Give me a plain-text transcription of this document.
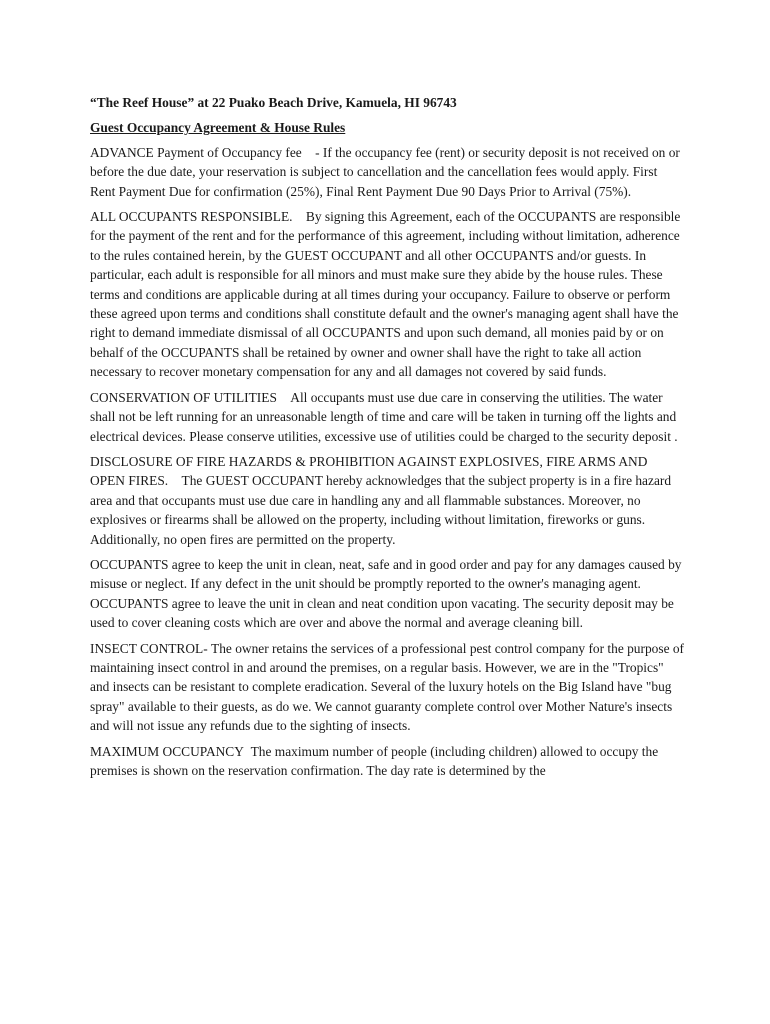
“The Reef House” at 22 Puako Beach Drive, Kamuela, HI 96743

Guest Occupancy Agreement & House Rules

ADVANCE Payment of Occupancy fee - If the occupancy fee (rent) or security deposit is not received on or before the due date, your reservation is subject to cancellation and the cancellation fees would apply. First Rent Payment Due for confirmation (25%), Final Rent Payment Due 90 Days Prior to Arrival (75%).

ALL OCCUPANTS RESPONSIBLE. By signing this Agreement, each of the OCCUPANTS are responsible for the payment of the rent and for the performance of this agreement, including without limitation, adherence to the rules contained herein, by the GUEST OCCUPANT and all other OCCUPANTS and/or guests. In particular, each adult is responsible for all minors and must make sure they abide by the house rules. These terms and conditions are applicable during at all times during your occupancy. Failure to observe or perform these agreed upon terms and conditions shall constitute default and the owner's managing agent shall have the right to demand immediate dismissal of all OCCUPANTS and upon such demand, all monies paid by or on behalf of the OCCUPANTS shall be retained by owner and owner shall have the right to take all action necessary to recover monetary compensation for any and all damages not covered by said funds.

CONSERVATION OF UTILITIES All occupants must use due care in conserving the utilities. The water shall not be left running for an unreasonable length of time and care will be taken in turning off the lights and electrical devices. Please conserve utilities, excessive use of utilities could be charged to the security deposit .

DISCLOSURE OF FIRE HAZARDS & PROHIBITION AGAINST EXPLOSIVES, FIRE ARMS AND OPEN FIRES. The GUEST OCCUPANT hereby acknowledges that the subject property is in a fire hazard area and that occupants must use due care in handling any and all flammable substances. Moreover, no explosives or firearms shall be allowed on the property, including without limitation, fireworks or guns. Additionally, no open fires are permitted on the property.

OCCUPANTS agree to keep the unit in clean, neat, safe and in good order and pay for any damages caused by misuse or neglect. If any defect in the unit should be promptly reported to the owner's managing agent. OCCUPANTS agree to leave the unit in clean and neat condition upon vacating. The security deposit may be used to cover cleaning costs which are over and above the normal and average cleaning bill.

INSECT CONTROL- The owner retains the services of a professional pest control company for the purpose of maintaining insect control in and around the premises, on a regular basis. However, we are in the "Tropics" and insects can be resistant to complete eradication. Several of the luxury hotels on the Big Island have "bug spray" available to their guests, as do we. We cannot guaranty complete control over Mother Nature's insects and will not issue any refunds due to the sighting of insects.

MAXIMUM OCCUPANCY The maximum number of people (including children) allowed to occupy the premises is shown on the reservation confirmation. The day rate is determined by the
